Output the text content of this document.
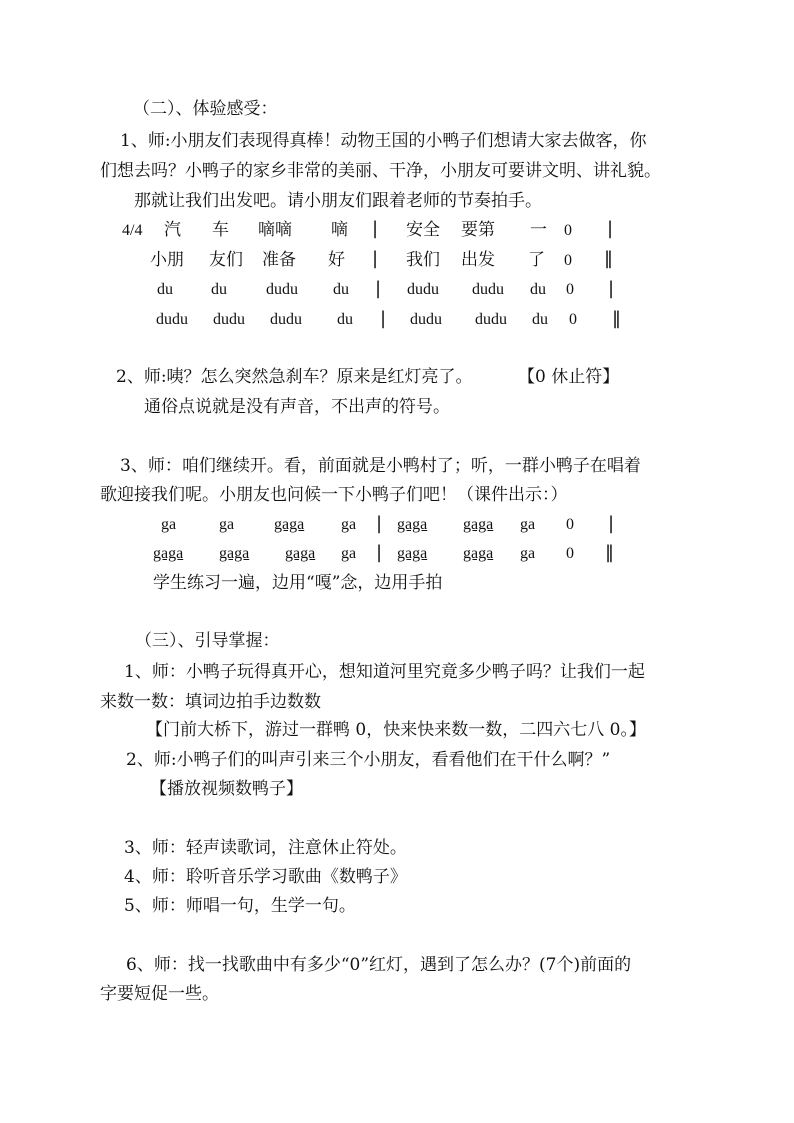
（二）、体验感受：
1、师:小朋友们表现得真棒！动物王国的小鸭子们想请大家去做客，你
们想去吗？小鸭子的家乡非常的美丽、干净，小朋友可要讲文明、讲礼貌。
那就让我们出发吧。请小朋友们跟着老师的节奏拍手。
4/4 汽 车 嘀嘀 嘀 | 安全 要第 一 0 |
小朋 友们 准备 好 | 我们 出发 了 0 ‖
du du dudu du | dudu dudu du 0 |
dudu dudu dudu du | dudu dudu du 0 ‖
2、师:咦？怎么突然急刹车？原来是红灯亮了。	【0 休止符】
通俗点说就是没有声音，不出声的符号。
3、师：咱们继续开。看，前面就是小鸭村了；听，一群小鸭子在唱着
歌迎接我们呢。小朋友也问候一下小鸭子们吧！（课件出示：）
ga	ga gaga ga | gaga gaga ga 0 |
gaga gaga gaga ga | gaga gaga ga 0 ‖
学生练习一遍，边用“嘎”念，边用手拍
（三）、引导掌握：
1、师：小鸭子玩得真开心，想知道河里究竟多少鸭子吗？让我们一起
来数一数：填词边拍手边数数
【门前大桥下，游过一群鸭 0，快来快来数一数，二四六七八 0。】
2、师:小鸭子们的叫声引来三个小朋友，看看他们在干什么啊？”
【播放视频数鸭子】
3、师：轻声读歌词，注意休止符处。
4、师：聆听音乐学习歌曲《数鸭子》
5、师：师唱一句，生学一句。
6、师：找一找歌曲中有多少“0”红灯，遇到了怎么办？(7个)前面的
字要短促一些。
